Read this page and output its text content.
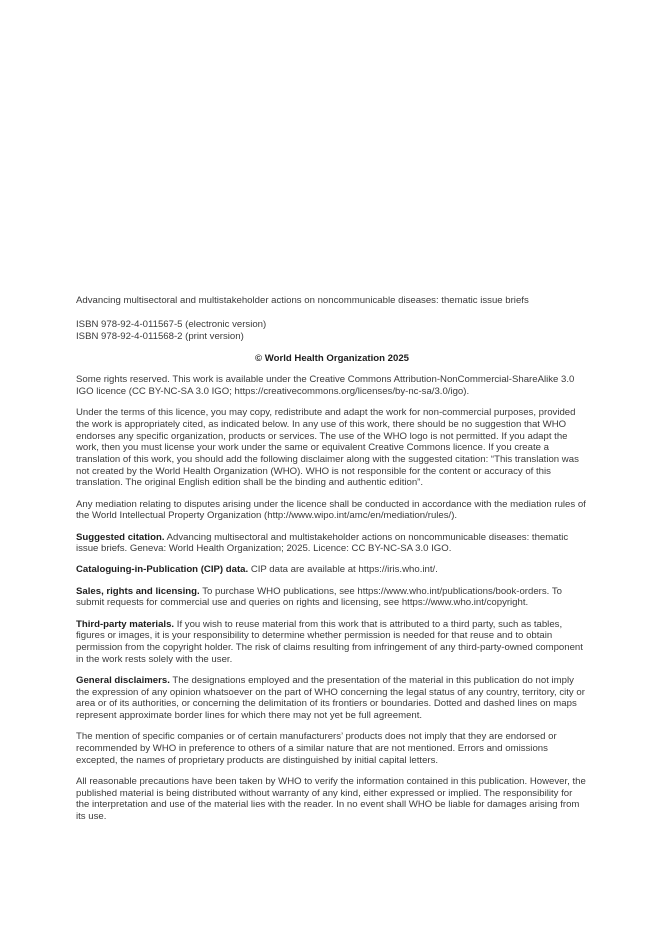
Advancing multisectoral and multistakeholder actions on noncommunicable diseases: thematic issue briefs

ISBN 978-92-4-011567-5 (electronic version)

ISBN 978-92-4-011568-2 (print version)

© World Health Organization 2025

Some rights reserved. This work is available under the Creative Commons Attribution-NonCommercial-ShareAlike 3.0 IGO licence (CC BY-NC-SA 3.0 IGO; https://creativecommons.org/licenses/by-nc-sa/3.0/igo).

Under the terms of this licence, you may copy, redistribute and adapt the work for non-commercial purposes, provided the work is appropriately cited, as indicated below. In any use of this work, there should be no suggestion that WHO endorses any specific organization, products or services. The use of the WHO logo is not permitted. If you adapt the work, then you must license your work under the same or equivalent Creative Commons licence. If you create a translation of this work, you should add the following disclaimer along with the suggested citation: “This translation was not created by the World Health Organization (WHO). WHO is not responsible for the content or accuracy of this translation. The original English edition shall be the binding and authentic edition”.

Any mediation relating to disputes arising under the licence shall be conducted in accordance with the mediation rules of the World Intellectual Property Organization (http://www.wipo.int/amc/en/mediation/rules/).

Suggested citation. Advancing multisectoral and multistakeholder actions on noncommunicable diseases: thematic issue briefs. Geneva: World Health Organization; 2025. Licence: CC BY-NC-SA 3.0 IGO.

Cataloguing-in-Publication (CIP) data. CIP data are available at https://iris.who.int/.

Sales, rights and licensing. To purchase WHO publications, see https://www.who.int/publications/book-orders. To submit requests for commercial use and queries on rights and licensing, see https://www.who.int/copyright.

Third-party materials. If you wish to reuse material from this work that is attributed to a third party, such as tables, figures or images, it is your responsibility to determine whether permission is needed for that reuse and to obtain permission from the copyright holder. The risk of claims resulting from infringement of any third-party-owned component in the work rests solely with the user.

General disclaimers. The designations employed and the presentation of the material in this publication do not imply the expression of any opinion whatsoever on the part of WHO concerning the legal status of any country, territory, city or area or of its authorities, or concerning the delimitation of its frontiers or boundaries. Dotted and dashed lines on maps represent approximate border lines for which there may not yet be full agreement.

The mention of specific companies or of certain manufacturers’ products does not imply that they are endorsed or recommended by WHO in preference to others of a similar nature that are not mentioned. Errors and omissions excepted, the names of proprietary products are distinguished by initial capital letters.

All reasonable precautions have been taken by WHO to verify the information contained in this publication. However, the published material is being distributed without warranty of any kind, either expressed or implied. The responsibility for the interpretation and use of the material lies with the reader. In no event shall WHO be liable for damages arising from its use.
